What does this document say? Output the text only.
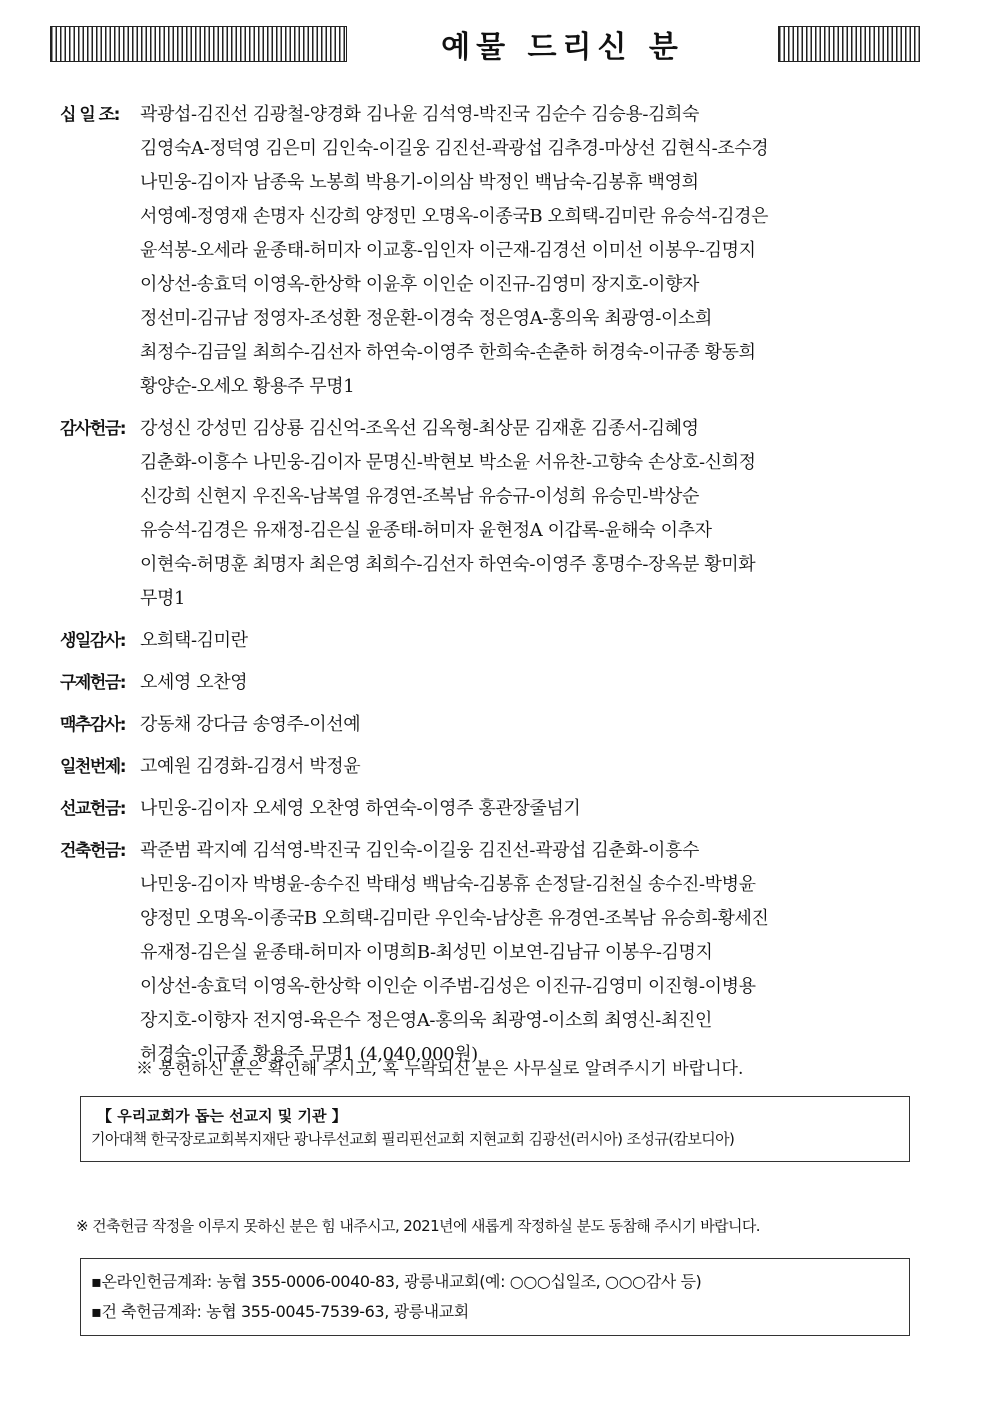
예물 드리신 분
십 일 조:	곽광섭-김진선 김광철-양경화 김나윤 김석영-박진국 김순수 김승용-김희숙
김영숙A-정덕영 김은미 김인숙-이길웅 김진선-곽광섭 김추경-마상선 김현식-조수경
나민웅-김이자 남종욱 노봉희 박용기-이의삼 박정인 백남숙-김봉휴 백영희
서영예-정영재 손명자 신강희 양정민 오명옥-이종국B 오희택-김미란 유승석-김경은
윤석봉-오세라 윤종태-허미자 이교홍-임인자 이근재-김경선 이미선 이봉우-김명지
이상선-송효덕 이영옥-한상학 이윤후 이인순 이진규-김영미 장지호-이향자
정선미-김규남 정영자-조성환 정운환-이경숙 정은영A-홍의욱 최광영-이소희
최정수-김금일 최희수-김선자 하연숙-이영주 한희숙-손춘하 허경숙-이규종 황동희
황양순-오세오 황용주 무명1
감사헌금: 강성신 강성민 김상룡 김신억-조옥선 김옥형-최상문 김재훈 김종서-김혜영
김춘화-이흥수 나민웅-김이자 문명신-박현보 박소윤 서유찬-고향숙 손상호-신희정
신강희 신현지 우진옥-남복열 유경연-조복남 유승규-이성희 유승민-박상순
유승석-김경은 유재정-김은실 윤종태-허미자 윤현정A 이갑록-윤해숙 이추자
이현숙-허명훈 최명자 최은영 최희수-김선자 하연숙-이영주 홍명수-장옥분 황미화
무명1
생일감사: 오희택-김미란
구제헌금: 오세영 오찬영
맥추감사: 강동채 강다금 송영주-이선예
일천번제: 고예원 김경화-김경서 박정윤
선교헌금: 나민웅-김이자 오세영 오찬영 하연숙-이영주 홍관장줄넘기
건축헌금: 곽준범 곽지예 김석영-박진국 김인숙-이길웅 김진선-곽광섭 김춘화-이흥수
나민웅-김이자 박병윤-송수진 박태성 백남숙-김봉휴 손정달-김천실 송수진-박병윤
양정민 오명옥-이종국B 오희택-김미란 우인숙-남상흔 유경연-조복남 유승희-황세진
유재정-김은실 윤종태-허미자 이명희B-최성민 이보연-김남규 이봉우-김명지
이상선-송효덕 이영옥-한상학 이인순 이주범-김성은 이진규-김영미 이진형-이병용
장지호-이향자 전지영-육은수 정은영A-홍의욱 최광영-이소희 최영신-최진인
허경숙-이규종 황용주 무명1 (4,040,000원)
※ 봉헌하신 분은 확인해 주시고, 혹 누락되신 분은 사무실로 알려주시기 바랍니다.
【 우리교회가 돕는 선교지 및 기관 】
기아대책 한국장로교회복지재단 광나루선교회 필리핀선교회 지현교회 김광선(러시아) 조성규(캄보디아)
※ 건축헌금 작정을 이루지 못하신 분은 힘 내주시고, 2021년에 새롭게 작정하실 분도 동참해 주시기 바랍니다.
▪온라인헌금계좌: 농협 355-0006-0040-83, 광릉내교회(예: ○○○십일조, ○○○감사 등)
▪건 축헌금계좌: 농협 355-0045-7539-63, 광릉내교회
